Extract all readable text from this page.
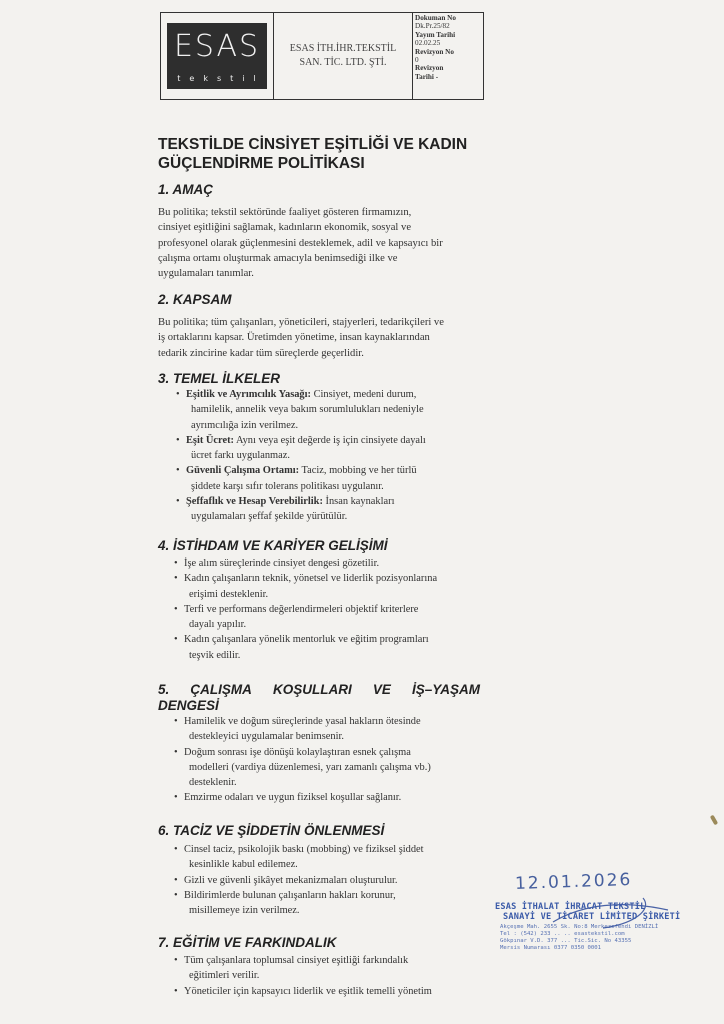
ESAS
tekstil
ESAS İTH.İHR.TEKSTİL
SAN. TİC. LTD. ŞTİ.
Dokuman No
Dk.Pr.25/82
Yayım Tarihi
02.02.25
Revizyon No
0
Revizyon
Tarihi -
TEKSTİLDE CİNSİYET EŞİTLİĞİ VE KADIN
GÜÇLENDİRME POLİTİKASI
1. AMAÇ
Bu politika; tekstil sektöründe faaliyet gösteren firmamızın,
cinsiyet eşitliğini sağlamak, kadınların ekonomik, sosyal ve
profesyonel olarak güçlenmesini desteklemek, adil ve kapsayıcı bir
çalışma ortamı oluşturmak amacıyla benimsediği ilke ve
uygulamaları tanımlar.
2. KAPSAM
Bu politika; tüm çalışanları, yöneticileri, stajyerleri, tedarikçileri ve
iş ortaklarını kapsar. Üretimden yönetime, insan kaynaklarından
tedarik zincirine kadar tüm süreçlerde geçerlidir.
3. TEMEL İLKELER
• Eşitlik ve Ayrımcılık Yasağı: Cinsiyet, medeni durum,
hamilelik, annelik veya bakım sorumlulukları nedeniyle
ayrımcılığa izin verilmez.
• Eşit Ücret: Aynı veya eşit değerde iş için cinsiyete dayalı
ücret farkı uygulanmaz.
• Güvenli Çalışma Ortamı: Taciz, mobbing ve her türlü
şiddete karşı sıfır tolerans politikası uygulanır.
• Şeffaflık ve Hesap Verebilirlik: İnsan kaynakları
uygulamaları şeffaf şekilde yürütülür.
4. İSTİHDAM VE KARİYER GELİŞİMİ
• İşe alım süreçlerinde cinsiyet dengesi gözetilir.
• Kadın çalışanların teknik, yönetsel ve liderlik pozisyonlarına
erişimi desteklenir.
• Terfi ve performans değerlendirmeleri objektif kriterlere
dayalı yapılır.
• Kadın çalışanlara yönelik mentorluk ve eğitim programları
teşvik edilir.
5. ÇALIŞMA KOŞULLARI VE İŞ–YAŞAM
DENGESİ
• Hamilelik ve doğum süreçlerinde yasal hakların ötesinde
destekleyici uygulamalar benimsenir.
• Doğum sonrası işe dönüşü kolaylaştıran esnek çalışma
modelleri (vardiya düzenlemesi, yarı zamanlı çalışma vb.)
desteklenir.
• Emzirme odaları ve uygun fiziksel koşullar sağlanır.
6. TACİZ VE ŞİDDETİN ÖNLENMESİ
• Cinsel taciz, psikolojik baskı (mobbing) ve fiziksel şiddet
kesinlikle kabul edilemez.
• Gizli ve güvenli şikâyet mekanizmaları oluşturulur.
• Bildirimlerde bulunan çalışanların hakları korunur,
misillemeye izin verilmez.
7. EĞİTİM VE FARKINDALIK
• Tüm çalışanlara toplumsal cinsiyet eşitliği farkındalık
eğitimleri verilir.
• Yöneticiler için kapsayıcı liderlik ve eşitlik temelli yönetim
12.01.2026
ESAS İTHALAT İHRACAT TEKSTİL
SANAYİ VE TİCARET LİMİTED ŞİRKETİ
Akçeşme Mah. 2655 Sk. No:8 Merkezefendi DENİZLİ
Tel : (542) 233 .. .. esastekstil.com
Gökpınar V.D. 377 ... Tic.Sic. No 43355
Mersis Numarası 0377 0350 0001
